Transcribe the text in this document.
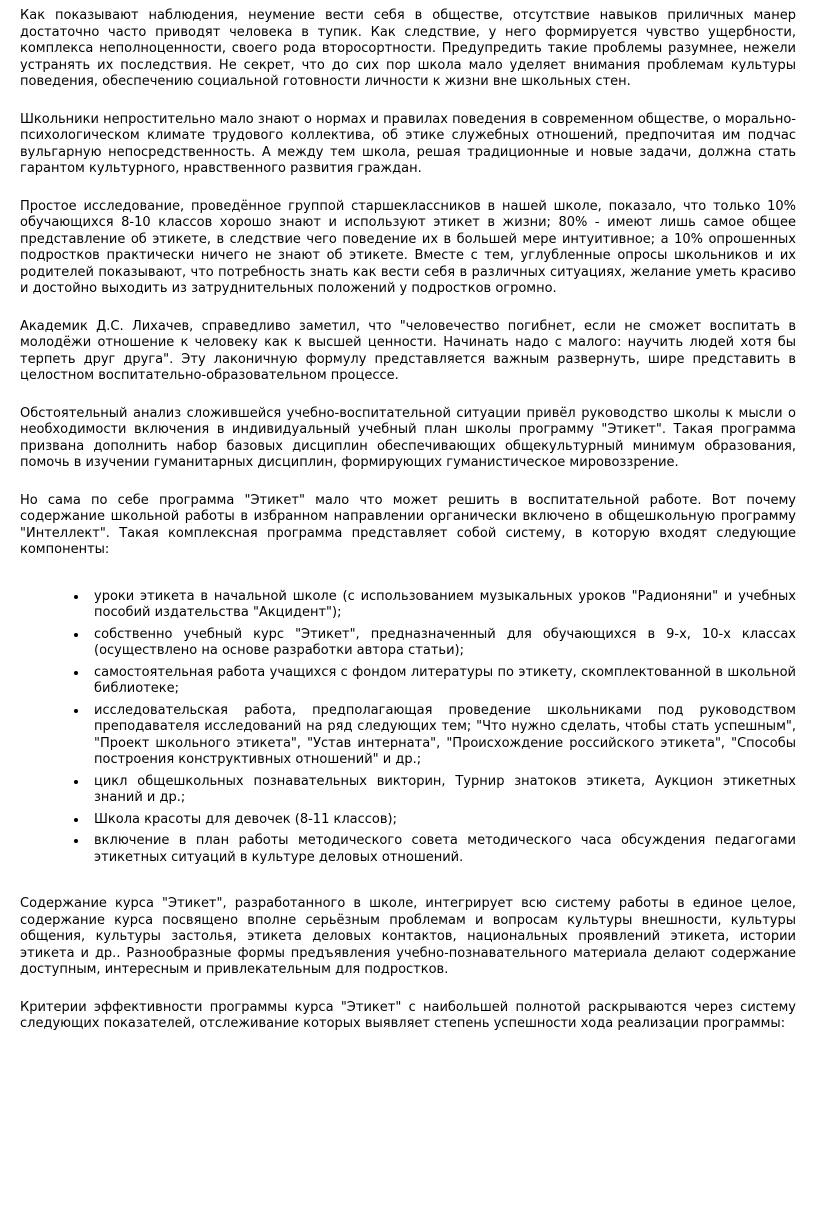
Как показывают наблюдения, неумение вести себя в обществе, отсутствие навыков приличных манер достаточно часто приводят человека в тупик. Как следствие, у него формируется чувство ущербности, комплекса неполноценности, своего рода второсортности. Предупредить такие проблемы разумнее, нежели устранять их последствия. Не секрет, что до сих пор школа мало уделяет внимания проблемам культуры поведения, обеспечению социальной готовности личности к жизни вне школьных стен.

Школьники непростительно мало знают о нормах и правилах поведения в современном обществе, о морально-психологическом климате трудового коллектива, об этике служебных отношений, предпочитая им подчас вульгарную непосредственность. А между тем школа, решая традиционные и новые задачи, должна стать гарантом культурного, нравственного развития граждан.

Простое исследование, проведённое группой старшеклассников в нашей школе, показало, что только 10% обучающихся 8-10 классов хорошо знают и используют этикет в жизни; 80% - имеют лишь самое общее представление об этикете, в следствие чего поведение их в большей мере интуитивное; а 10% опрошенных подростков практически ничего не знают об этикете. Вместе с тем, углубленные опросы школьников и их родителей показывают, что потребность знать как вести себя в различных ситуациях, желание уметь красиво и достойно выходить из затруднительных положений у подростков огромно.

Академик Д.С. Лихачев, справедливо заметил, что "человечество погибнет, если не сможет воспитать в молодёжи отношение к человеку как к высшей ценности. Начинать надо с малого: научить людей хотя бы терпеть друг друга". Эту лаконичную формулу представляется важным развернуть, шире представить в целостном воспитательно-образовательном процессе.

Обстоятельный анализ сложившейся учебно-воспитательной ситуации привёл руководство школы к мысли о необходимости включения в индивидуальный учебный план школы программу "Этикет". Такая программа призвана дополнить набор базовых дисциплин обеспечивающих общекультурный минимум образования, помочь в изучении гуманитарных дисциплин, формирующих гуманистическое мировоззрение.

Но сама по себе программа "Этикет" мало что может решить в воспитательной работе. Вот почему содержание школьной работы в избранном направлении органически включено в общешкольную программу "Интеллект". Такая комплексная программа представляет собой систему, в которую входят следующие компоненты:

• уроки этикета в начальной школе (с использованием музыкальных уроков "Радионяни" и учебных пособий издательства "Акцидент");
• собственно учебный курс "Этикет", предназначенный для обучающихся в 9-х, 10-х классах (осуществлено на основе разработки автора статьи);
• самостоятельная работа учащихся с фондом литературы по этикету, скомплектованной в школьной библиотеке;
• исследовательская работа, предполагающая проведение школьниками под руководством преподавателя исследований на ряд следующих тем; "Что нужно сделать, чтобы стать успешным", "Проект школьного этикета", "Устав интерната", "Происхождение российского этикета", "Способы построения конструктивных отношений" и др.;
• цикл общешкольных познавательных викторин, Турнир знатоков этикета, Аукцион этикетных знаний и др.;
• Школа красоты для девочек (8-11 классов);
• включение в план работы методического совета методического часа обсуждения педагогами этикетных ситуаций в культуре деловых отношений.

Содержание курса "Этикет", разработанного в школе, интегрирует всю систему работы в единое целое, содержание курса посвящено вполне серьёзным проблемам и вопросам культуры внешности, культуры общения, культуры застолья, этикета деловых контактов, национальных проявлений этикета, истории этикета и др.. Разнообразные формы предъявления учебно-познавательного материала делают содержание доступным, интересным и привлекательным для подростков.

Критерии эффективности программы курса "Этикет" с наибольшей полнотой раскрываются через систему следующих показателей, отслеживание которых выявляет степень успешности хода реализации программы:
